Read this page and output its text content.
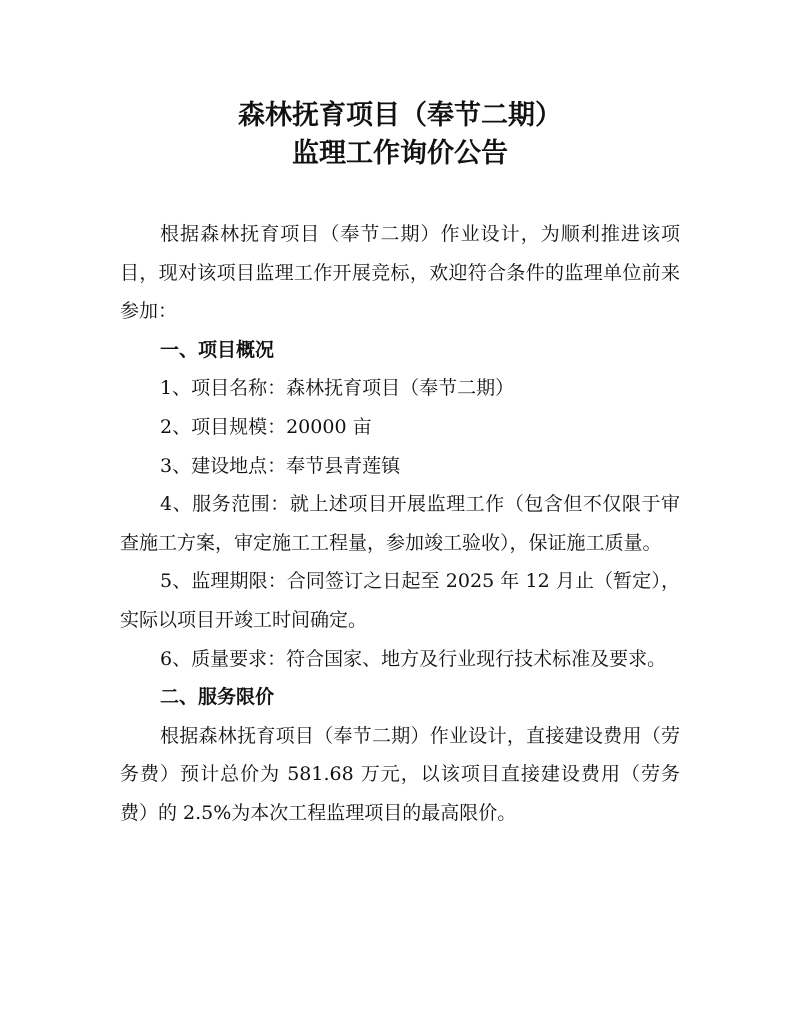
森林抚育项目（奉节二期）
监理工作询价公告

根据森林抚育项目（奉节二期）作业设计，为顺利推进该项目，现对该项目监理工作开展竞标，欢迎符合条件的监理单位前来参加：

一、项目概况

1、项目名称：森林抚育项目（奉节二期）

2、项目规模：20000 亩

3、建设地点：奉节县青莲镇

4、服务范围：就上述项目开展监理工作（包含但不仅限于审查施工方案，审定施工工程量，参加竣工验收），保证施工质量。

5、监理期限：合同签订之日起至 2025 年 12 月止（暂定），实际以项目开竣工时间确定。

6、质量要求：符合国家、地方及行业现行技术标准及要求。

二、服务限价

根据森林抚育项目（奉节二期）作业设计，直接建设费用（劳务费）预计总价为 581.68 万元，以该项目直接建设费用（劳务费）的 2.5%为本次工程监理项目的最高限价。
